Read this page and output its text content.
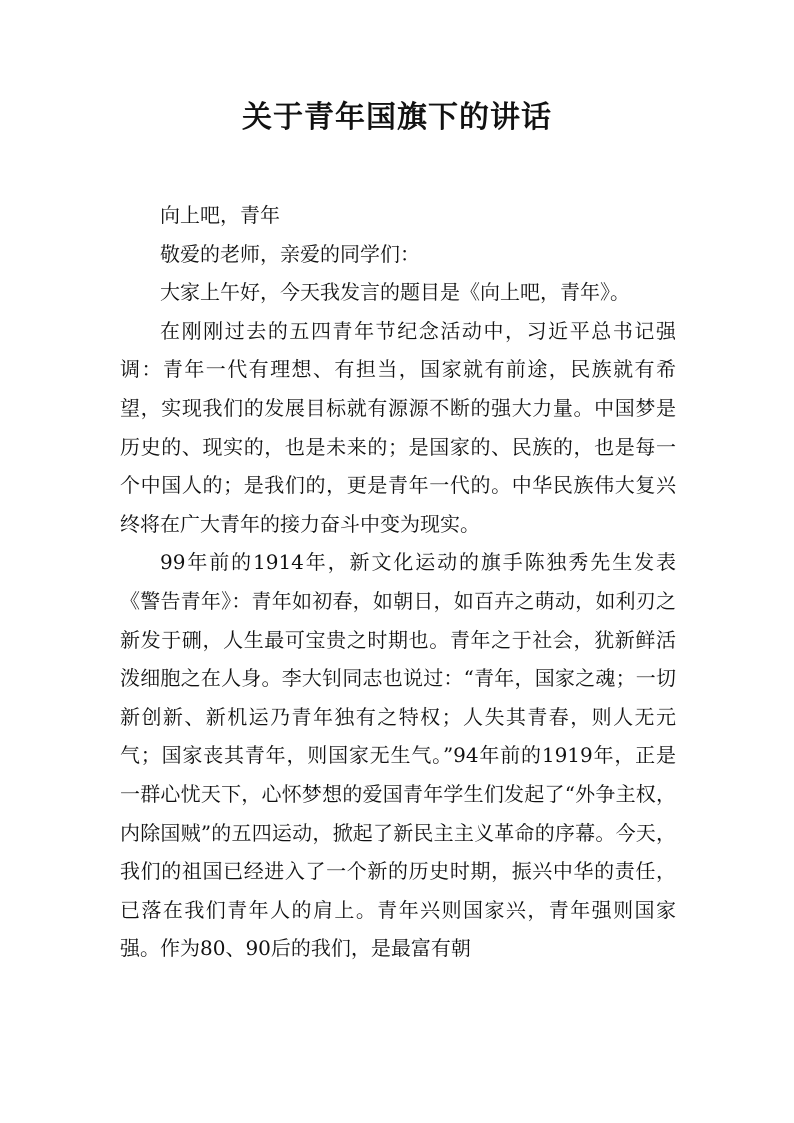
关于青年国旗下的讲话

向上吧，青年

敬爱的老师，亲爱的同学们：

大家上午好，今天我发言的题目是《向上吧，青年》。

在刚刚过去的五四青年节纪念活动中，习近平总书记强调：青年一代有理想、有担当，国家就有前途，民族就有希望，实现我们的发展目标就有源源不断的强大力量。中国梦是历史的、现实的，也是未来的；是国家的、民族的，也是每一个中国人的；是我们的，更是青年一代的。中华民族伟大复兴终将在广大青年的接力奋斗中变为现实。

99年前的1914年，新文化运动的旗手陈独秀先生发表《警告青年》：青年如初春，如朝日，如百卉之萌动，如利刃之新发于硎，人生最可宝贵之时期也。青年之于社会，犹新鲜活泼细胞之在人身。李大钊同志也说过：“青年，国家之魂；一切新创新、新机运乃青年独有之特权；人失其青春，则人无元气；国家丧其青年，则国家无生气。”94年前的1919年，正是一群心忧天下，心怀梦想的爱国青年学生们发起了“外争主权，内除国贼”的五四运动，掀起了新民主主义革命的序幕。今天，我们的祖国已经进入了一个新的历史时期，振兴中华的责任，已落在我们青年人的肩上。青年兴则国家兴，青年强则国家强。作为80、90后的我们，是最富有朝
